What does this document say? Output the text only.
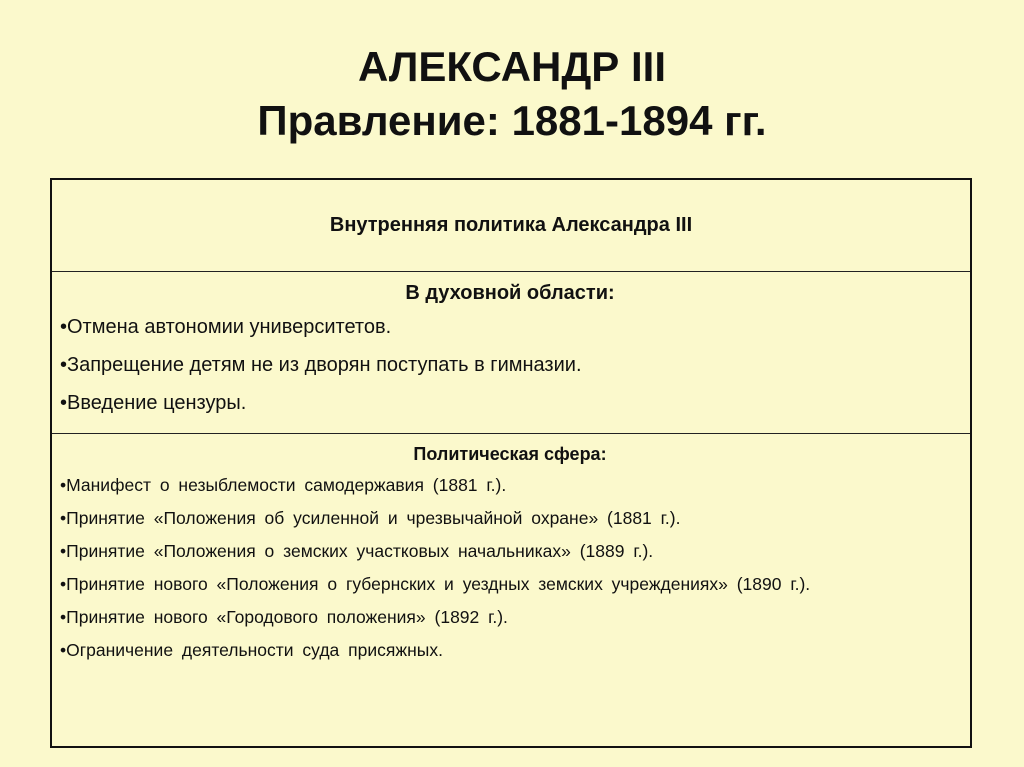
АЛЕКСАНДР III
Правление: 1881-1894 гг.
Внутренняя политика Александра III
В духовной области:
•Отмена автономии университетов.
•Запрещение детям не из дворян поступать в гимназии.
•Введение цензуры.
Политическая сфера:
•Манифест о незыблемости самодержавия (1881 г.).
•Принятие «Положения об усиленной и чрезвычайной охране» (1881 г.).
•Принятие «Положения о земских участковых начальниках» (1889 г.).
•Принятие нового «Положения о губернских и уездных земских учреждениях» (1890 г.).
•Принятие нового «Городового положения» (1892 г.).
•Ограничение деятельности суда присяжных.
